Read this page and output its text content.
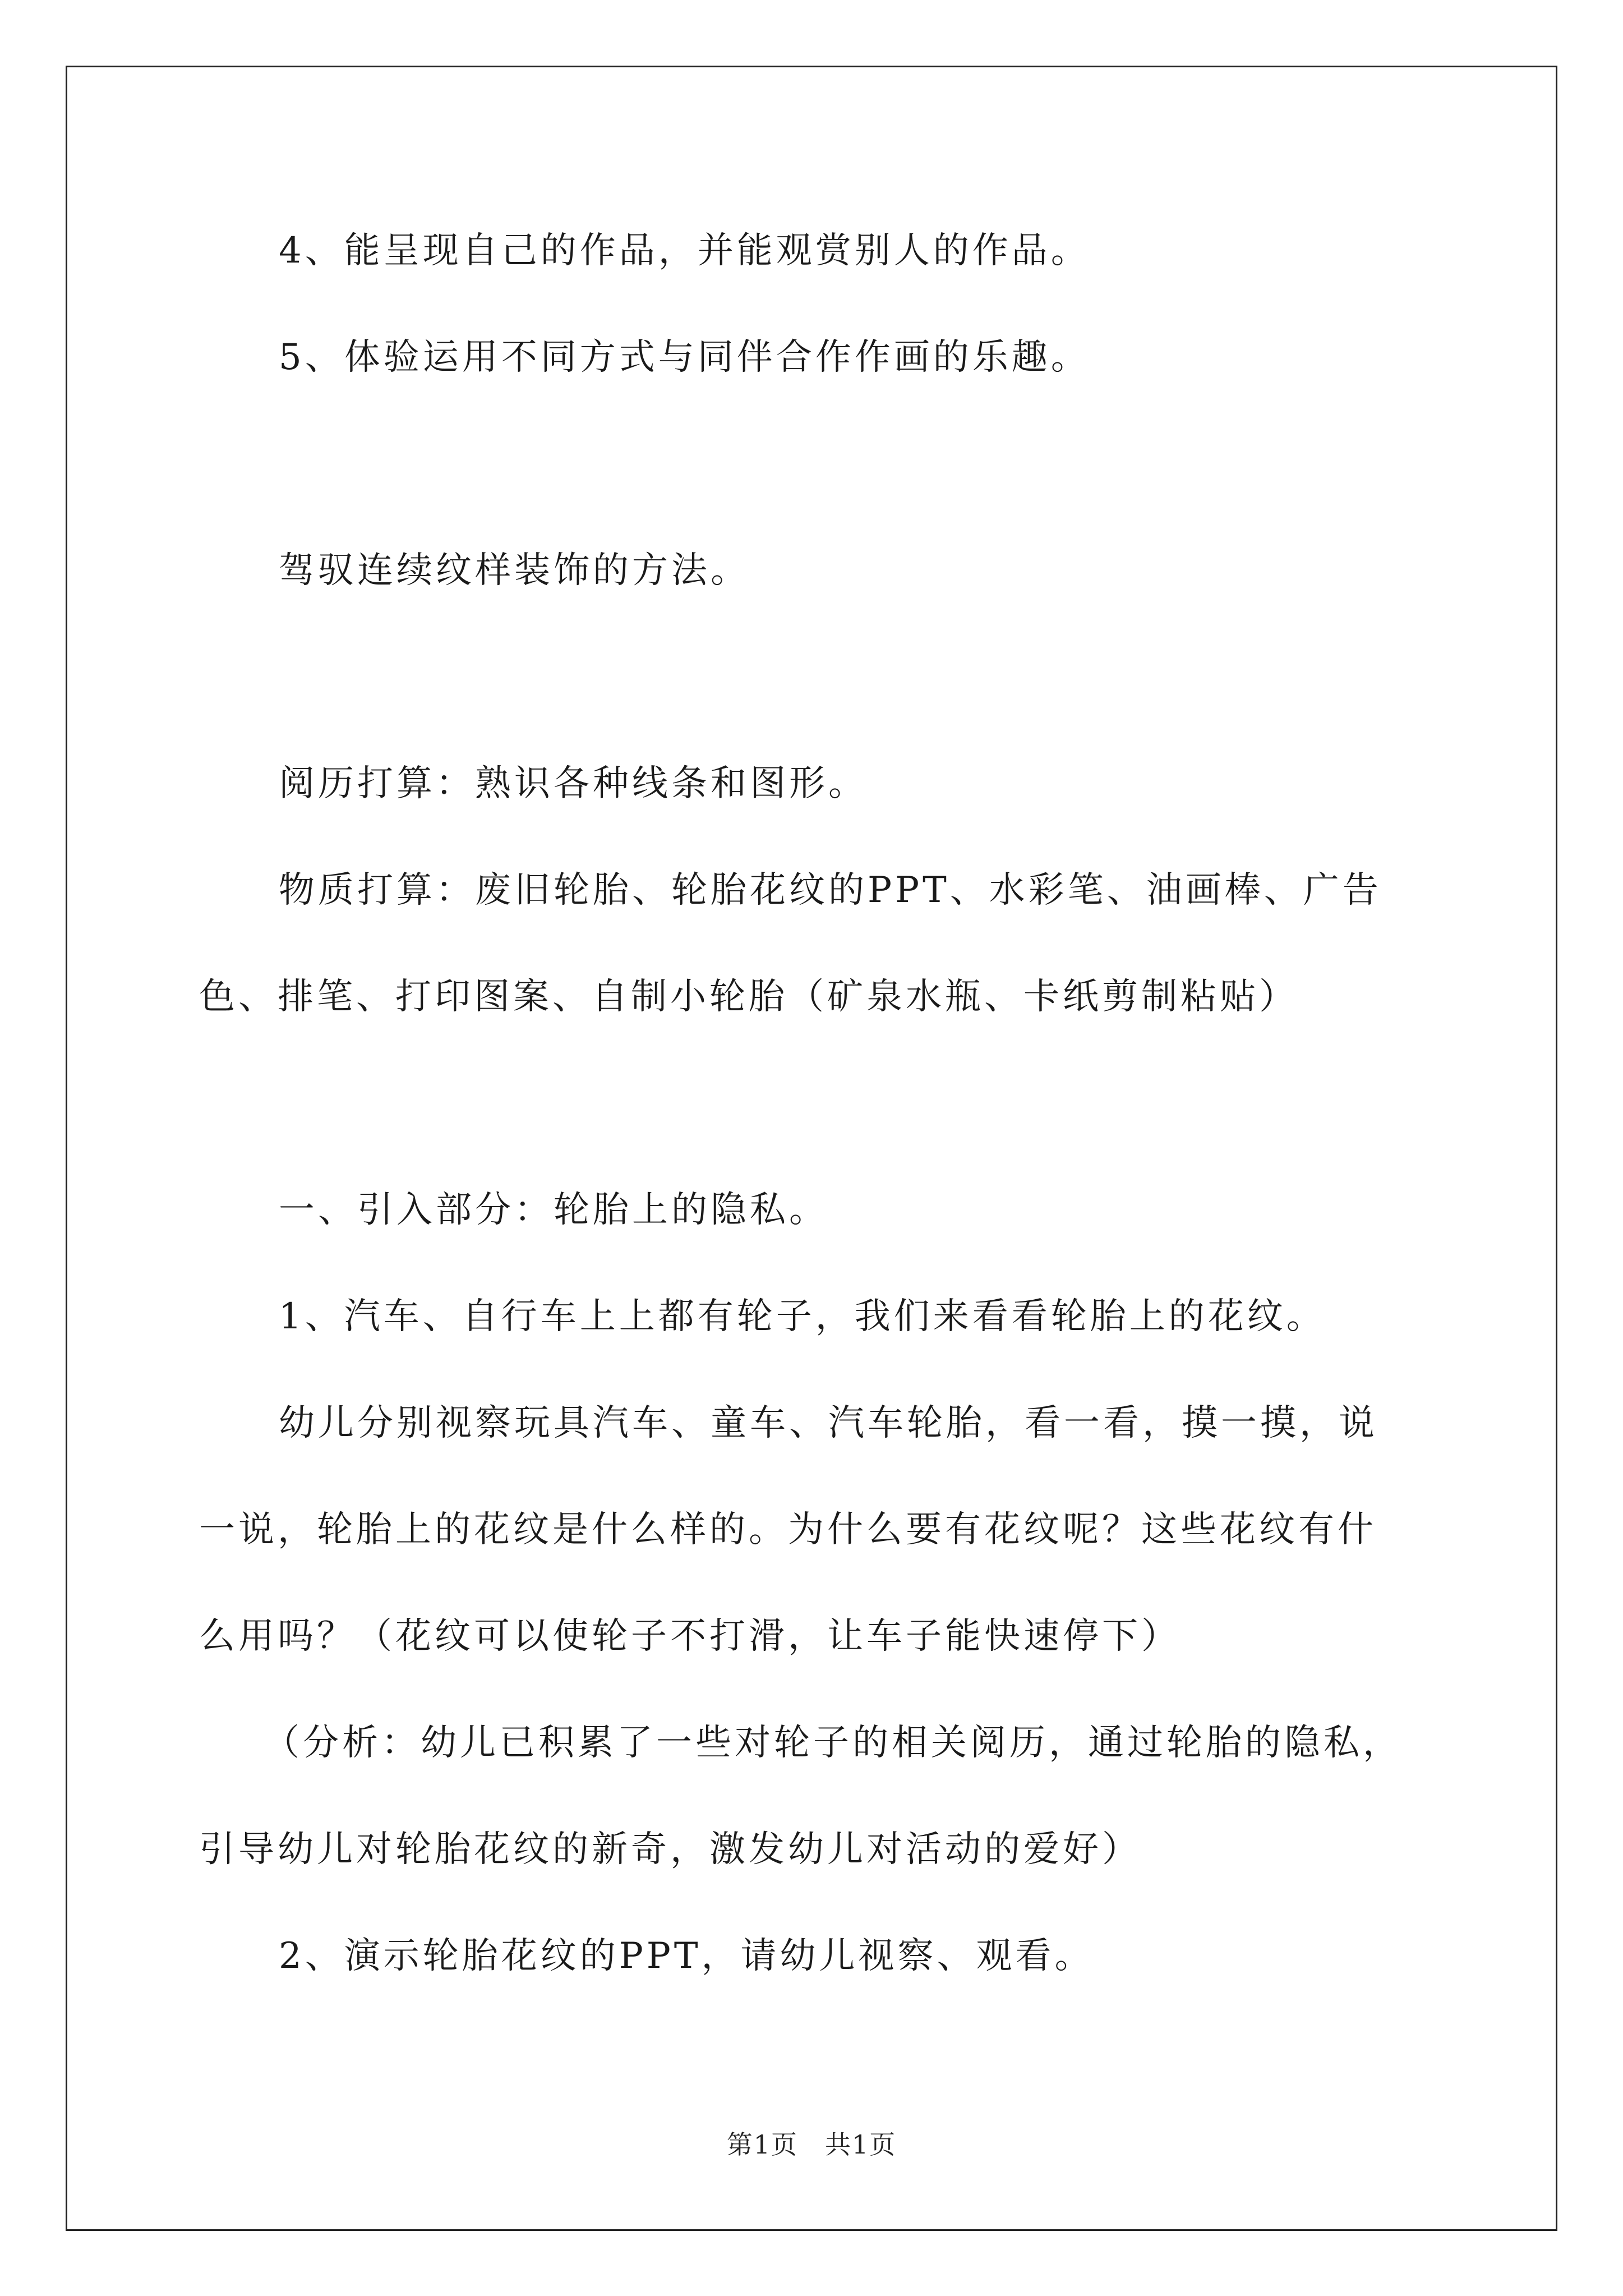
4、能呈现自己的作品，并能观赏别人的作品。
5、体验运用不同方式与同伴合作作画的乐趣。
驾驭连续纹样装饰的方法。
阅历打算：熟识各种线条和图形。
物质打算：废旧轮胎、轮胎花纹的PPT、水彩笔、油画棒、广告
色、排笔、打印图案、自制小轮胎（矿泉水瓶、卡纸剪制粘贴）
一、引入部分：轮胎上的隐私。
1、汽车、自行车上上都有轮子，我们来看看轮胎上的花纹。
幼儿分别视察玩具汽车、童车、汽车轮胎，看一看，摸一摸，说
一说，轮胎上的花纹是什么样的。为什么要有花纹呢？这些花纹有什
么用吗？（花纹可以使轮子不打滑，让车子能快速停下）
（分析：幼儿已积累了一些对轮子的相关阅历，通过轮胎的隐私，
引导幼儿对轮胎花纹的新奇，激发幼儿对活动的爱好）
2、演示轮胎花纹的PPT，请幼儿视察、观看。
第1页　共1页
